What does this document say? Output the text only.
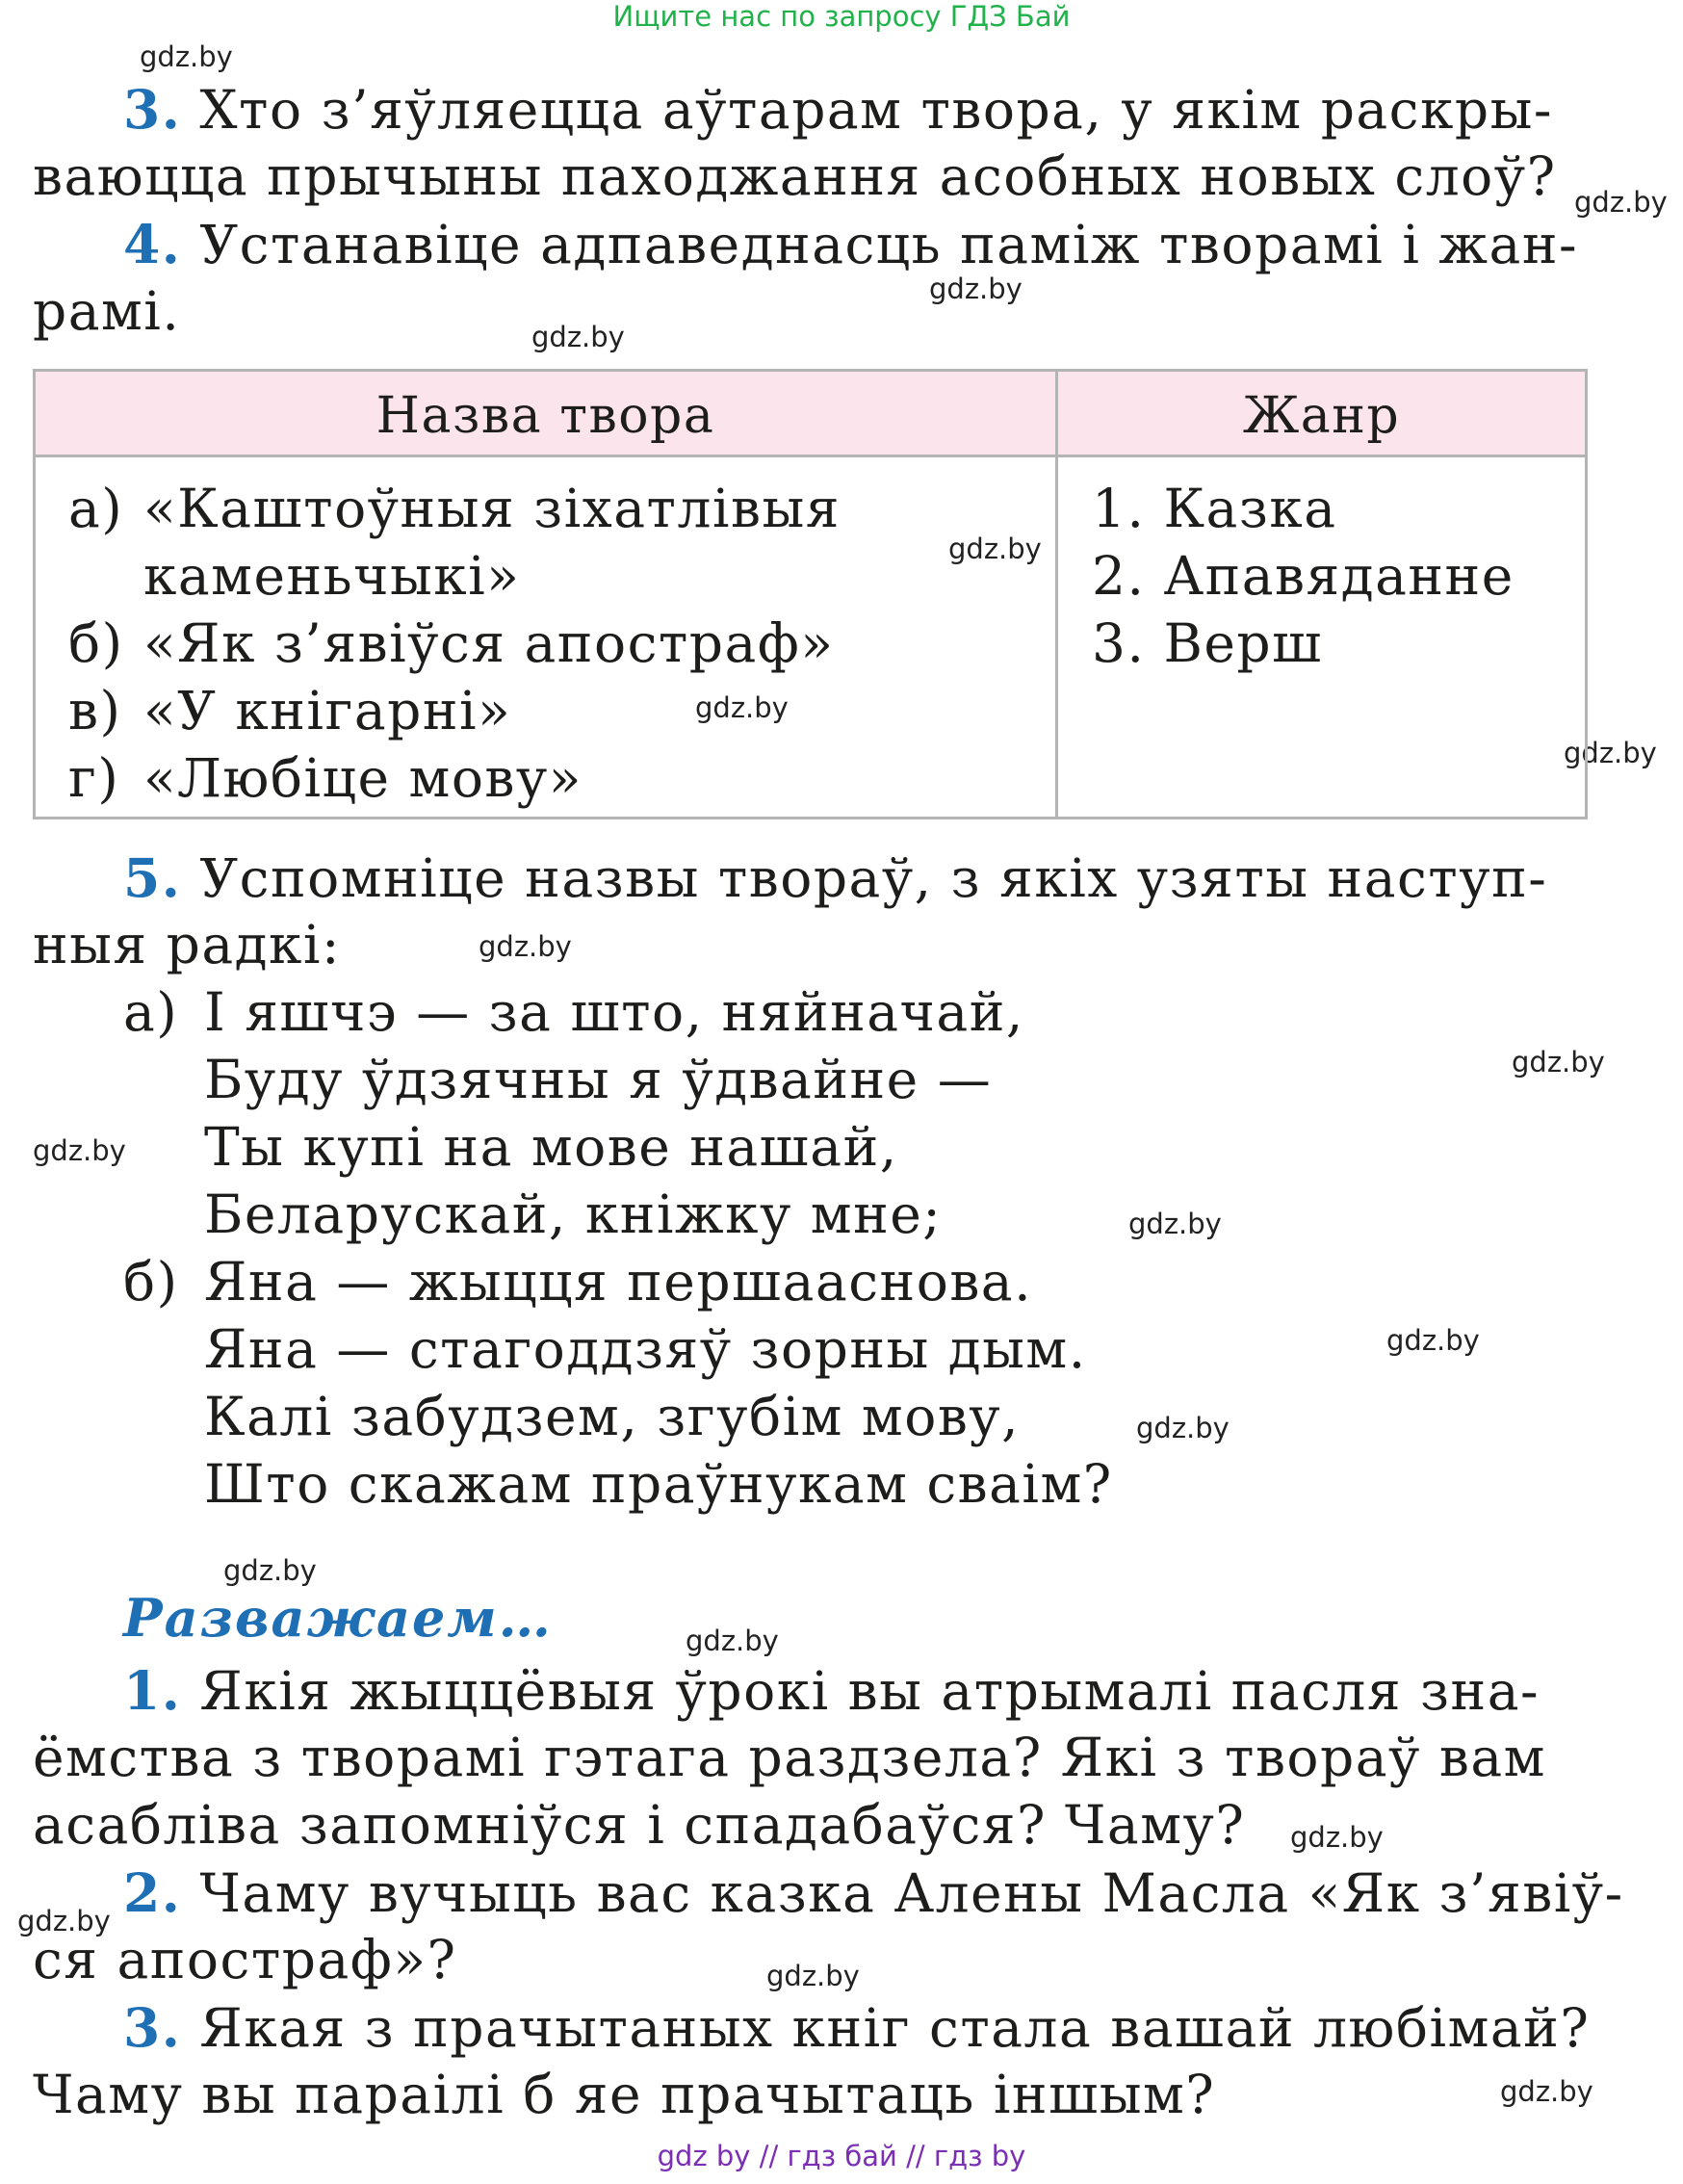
Ищите нас по запросу ГДЗ Бай
gdz.by
gdz.by
gdz.by
gdz.by
gdz.by
gdz.by
gdz.by
gdz.by
gdz.by
gdz.by
gdz.by
gdz.by
gdz.by
gdz.by
gdz.by
gdz.by
gdz.by
gdz.by
gdz.by
3. Хто з’яўляецца аўтарам твора, у якім раскры-
ваюцца прычыны паходжання асобных новых слоў?
4. Устанавіце адпаведнасць паміж творамі і жан-
рамі.
Назва твора	Жанр
а) «Каштоўныя зіхатлівыя
каменьчыкі»
б) «Як з’явіўся апостраф»
в) «У кнігарні»
г) «Любіце мову»
1. Казка
2. Апавяданне
3. Верш
5. Успомніце назвы твораў, з якіх узяты наступ-
ныя радкі:
а) І яшчэ — за што, няйначай,
Буду ўдзячны я ўдвайне —
Ты купі на мове нашай,
Беларускай, кніжку мне;
б) Яна — жыцця першааснова.
Яна — стагоддзяў зорны дым.
Калі забудзем, згубім мову,
Што скажам праўнукам сваім?
Разважаем…
1. Якія жыццёвыя ўрокі вы атрымалі пасля зна-
ёмства з творамі гэтага раздзела? Які з твораў вам
асабліва запомніўся і спадабаўся? Чаму?
2. Чаму вучыць вас казка Алены Масла «Як з’явіў-
ся апостраф»?
3. Якая з прачытаных кніг стала вашай любімай?
Чаму вы параілі б яе прачытаць іншым?
gdz by // гдз бай // гдз by
